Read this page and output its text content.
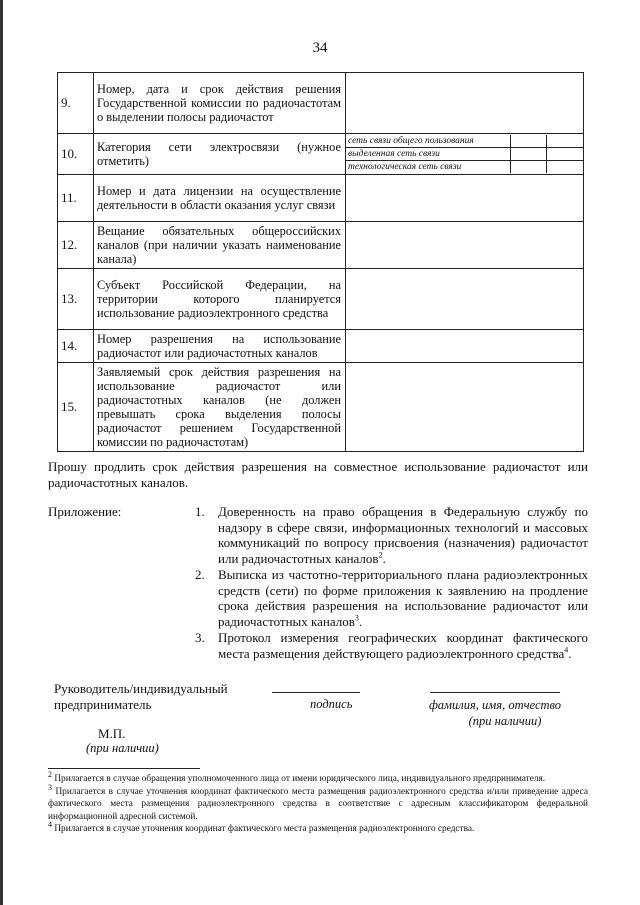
34
9.	Номер, дата и срок действия решения Государственной комиссии по радиочастотам о выделении полосы радиочастот	
10.	Категория сети электросвязи (нужное отметить)	
сеть связи общего пользования		
выделенная сеть связи		
технологическая сеть связи		

11.	Номер и дата лицензии на осуществление деятельности в области оказания услуг связи	
12.	Вещание обязательных общероссийских каналов (при наличии указать наименование канала)	
13.	Субъект Российской Федерации, на территории которого планируется использование радиоэлектронного средства	
14.	Номер разрешения на использование радиочастот или радиочастотных каналов	
15.	Заявляемый срок действия разрешения на использование радиочастот или радиочастотных каналов (не должен превышать срока выделения полосы радиочастот решением Государственной комиссии по радиочастотам)	
Прошу продлить срок действия разрешения на совместное использование радиочастот или радиочастотных каналов.
Приложение:	1. Доверенность на право обращения в Федеральную службу по надзору в сфере связи, информационных технологий и массовых коммуникаций по вопросу присвоения (назначения) радиочастот или радиочастотных каналов$^2$.
2. Выписка из частотно-территориального плана радиоэлектронных средств (сети) по форме приложения к заявлению на продление срока действия разрешения на использование радиочастот или радиочастотных каналов$^3$.
3. Протокол измерения географических координат фактического места размещения действующего радиоэлектронного средства$^4$.
Руководитель/индивидуальный
предприниматель	подпись	фамилия, имя, отчество
(при наличии)
М.П.
(при наличии)

$^2$ Прилагается в случае обращения уполномоченного лица от имени юридического лица, индивидуального предпринимателя.

$^3$ Прилагается в случае уточнения координат фактического места размещения радиоэлектронного средства и/или приведение адреса фактического места размещения радиоэлектронного средства в соответствие с адресным классификатором федеральной информационной адресной системой.

$^4$ Прилагается в случае уточнения координат фактического места размещения радиоэлектронного средства.
